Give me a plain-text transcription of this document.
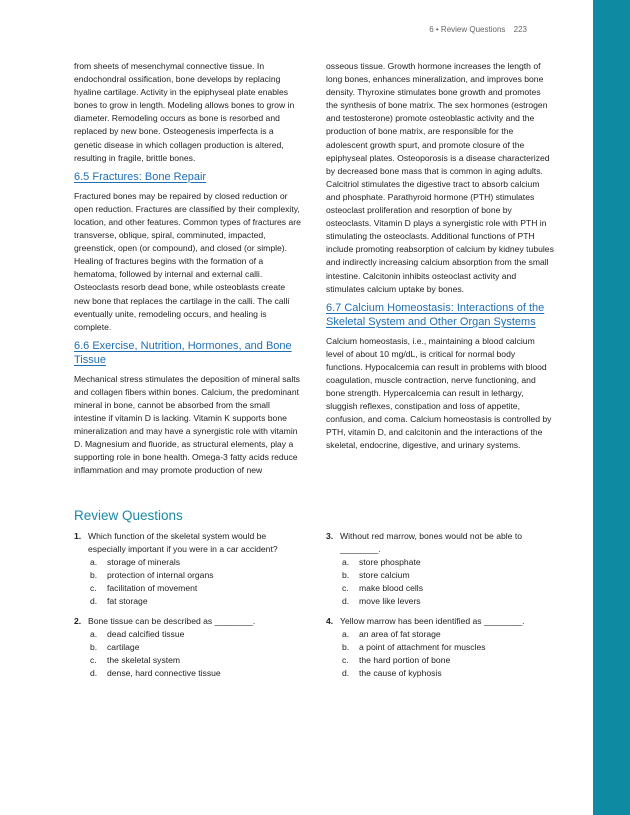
6 • Review Questions 223

from sheets of mesenchymal connective tissue. In endochondral ossification, bone develops by replacing hyaline cartilage. Activity in the epiphyseal plate enables bones to grow in length. Modeling allows bones to grow in diameter. Remodeling occurs as bone is resorbed and replaced by new bone. Osteogenesis imperfecta is a genetic disease in which collagen production is altered, resulting in fragile, brittle bones.

6.5 Fractures: Bone Repair

Fractured bones may be repaired by closed reduction or open reduction. Fractures are classified by their complexity, location, and other features. Common types of fractures are transverse, oblique, spiral, comminuted, impacted, greenstick, open (or compound), and closed (or simple). Healing of fractures begins with the formation of a hematoma, followed by internal and external calli. Osteoclasts resorb dead bone, while osteoblasts create new bone that replaces the cartilage in the calli. The calli eventually unite, remodeling occurs, and healing is complete.

6.6 Exercise, Nutrition, Hormones, and Bone Tissue

Mechanical stress stimulates the deposition of mineral salts and collagen fibers within bones. Calcium, the predominant mineral in bone, cannot be absorbed from the small intestine if vitamin D is lacking. Vitamin K supports bone mineralization and may have a synergistic role with vitamin D. Magnesium and fluoride, as structural elements, play a supporting role in bone health. Omega-3 fatty acids reduce inflammation and may promote production of new

osseous tissue. Growth hormone increases the length of long bones, enhances mineralization, and improves bone density. Thyroxine stimulates bone growth and promotes the synthesis of bone matrix. The sex hormones (estrogen and testosterone) promote osteoblastic activity and the production of bone matrix, are responsible for the adolescent growth spurt, and promote closure of the epiphyseal plates. Osteoporosis is a disease characterized by decreased bone mass that is common in aging adults. Calcitriol stimulates the digestive tract to absorb calcium and phosphate. Parathyroid hormone (PTH) stimulates osteoclast proliferation and resorption of bone by osteoclasts. Vitamin D plays a synergistic role with PTH in stimulating the osteoclasts. Additional functions of PTH include promoting reabsorption of calcium by kidney tubules and indirectly increasing calcium absorption from the small intestine. Calcitonin inhibits osteoclast activity and stimulates calcium uptake by bones.

6.7 Calcium Homeostasis: Interactions of the Skeletal System and Other Organ Systems

Calcium homeostasis, i.e., maintaining a blood calcium level of about 10 mg/dL, is critical for normal body functions. Hypocalcemia can result in problems with blood coagulation, muscle contraction, nerve functioning, and bone strength. Hypercalcemia can result in lethargy, sluggish reflexes, constipation and loss of appetite, confusion, and coma. Calcium homeostasis is controlled by PTH, vitamin D, and calcitonin and the interactions of the skeletal, endocrine, digestive, and urinary systems.

Review Questions
1. Which function of the skeletal system would be especially important if you were in a car accident?
a.	storage of minerals
b.	protection of internal organs
c.	facilitation of movement
d.	fat storage
2. Bone tissue can be described as ________.
a.	dead calcified tissue
b.	cartilage
c.	the skeletal system
d.	dense, hard connective tissue
3. Without red marrow, bones would not be able to ________.
a.	store phosphate
b.	store calcium
c.	make blood cells
d.	move like levers
4. Yellow marrow has been identified as ________.
a.	an area of fat storage
b.	a point of attachment for muscles
c.	the hard portion of bone
d.	the cause of kyphosis
